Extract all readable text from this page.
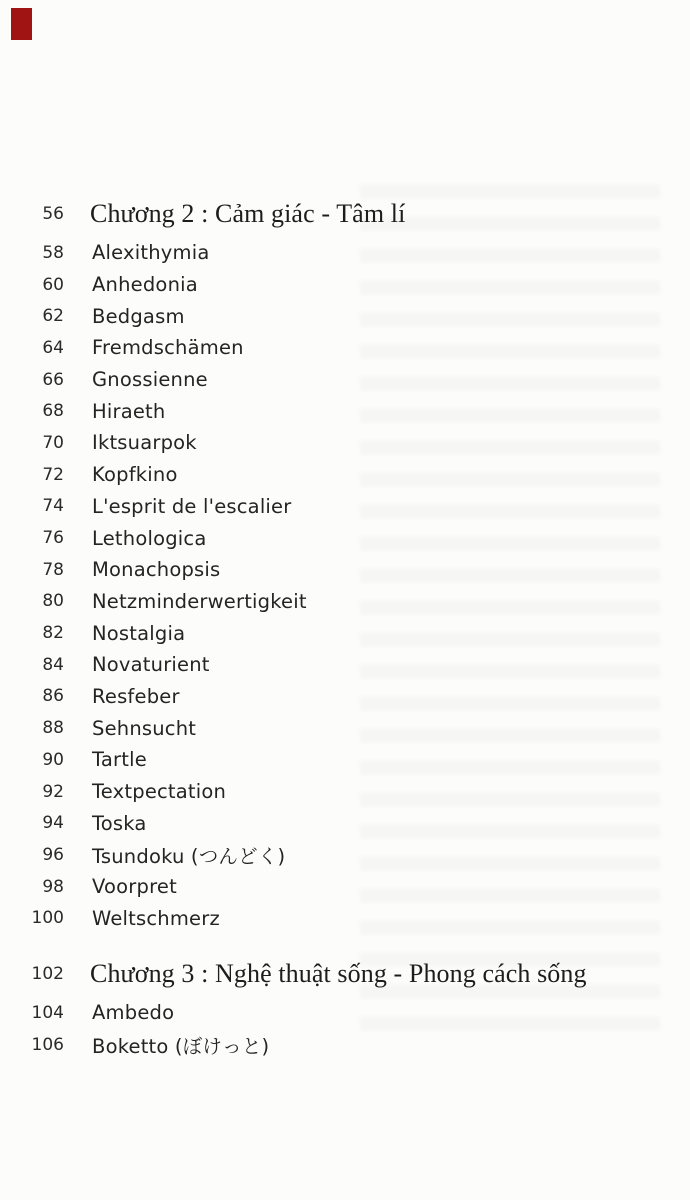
56 Chương 2 : Cảm giác - Tâm lí
58 Alexithymia
60 Anhedonia
62 Bedgasm
64 Fremdschämen
66 Gnossienne
68 Hiraeth
70 Iktsuarpok
72 Kopfkino
74 L'esprit de l'escalier
76 Lethologica
78 Monachopsis
80 Netzminderwertigkeit
82 Nostalgia
84 Novaturient
86 Resfeber
88 Sehnsucht
90 Tartle
92 Textpectation
94 Toska
96 Tsundoku (つんどく)
98 Voorpret
100 Weltschmerz
102 Chương 3 : Nghệ thuật sống - Phong cách sống
104 Ambedo
106 Boketto (ぼけっと)
